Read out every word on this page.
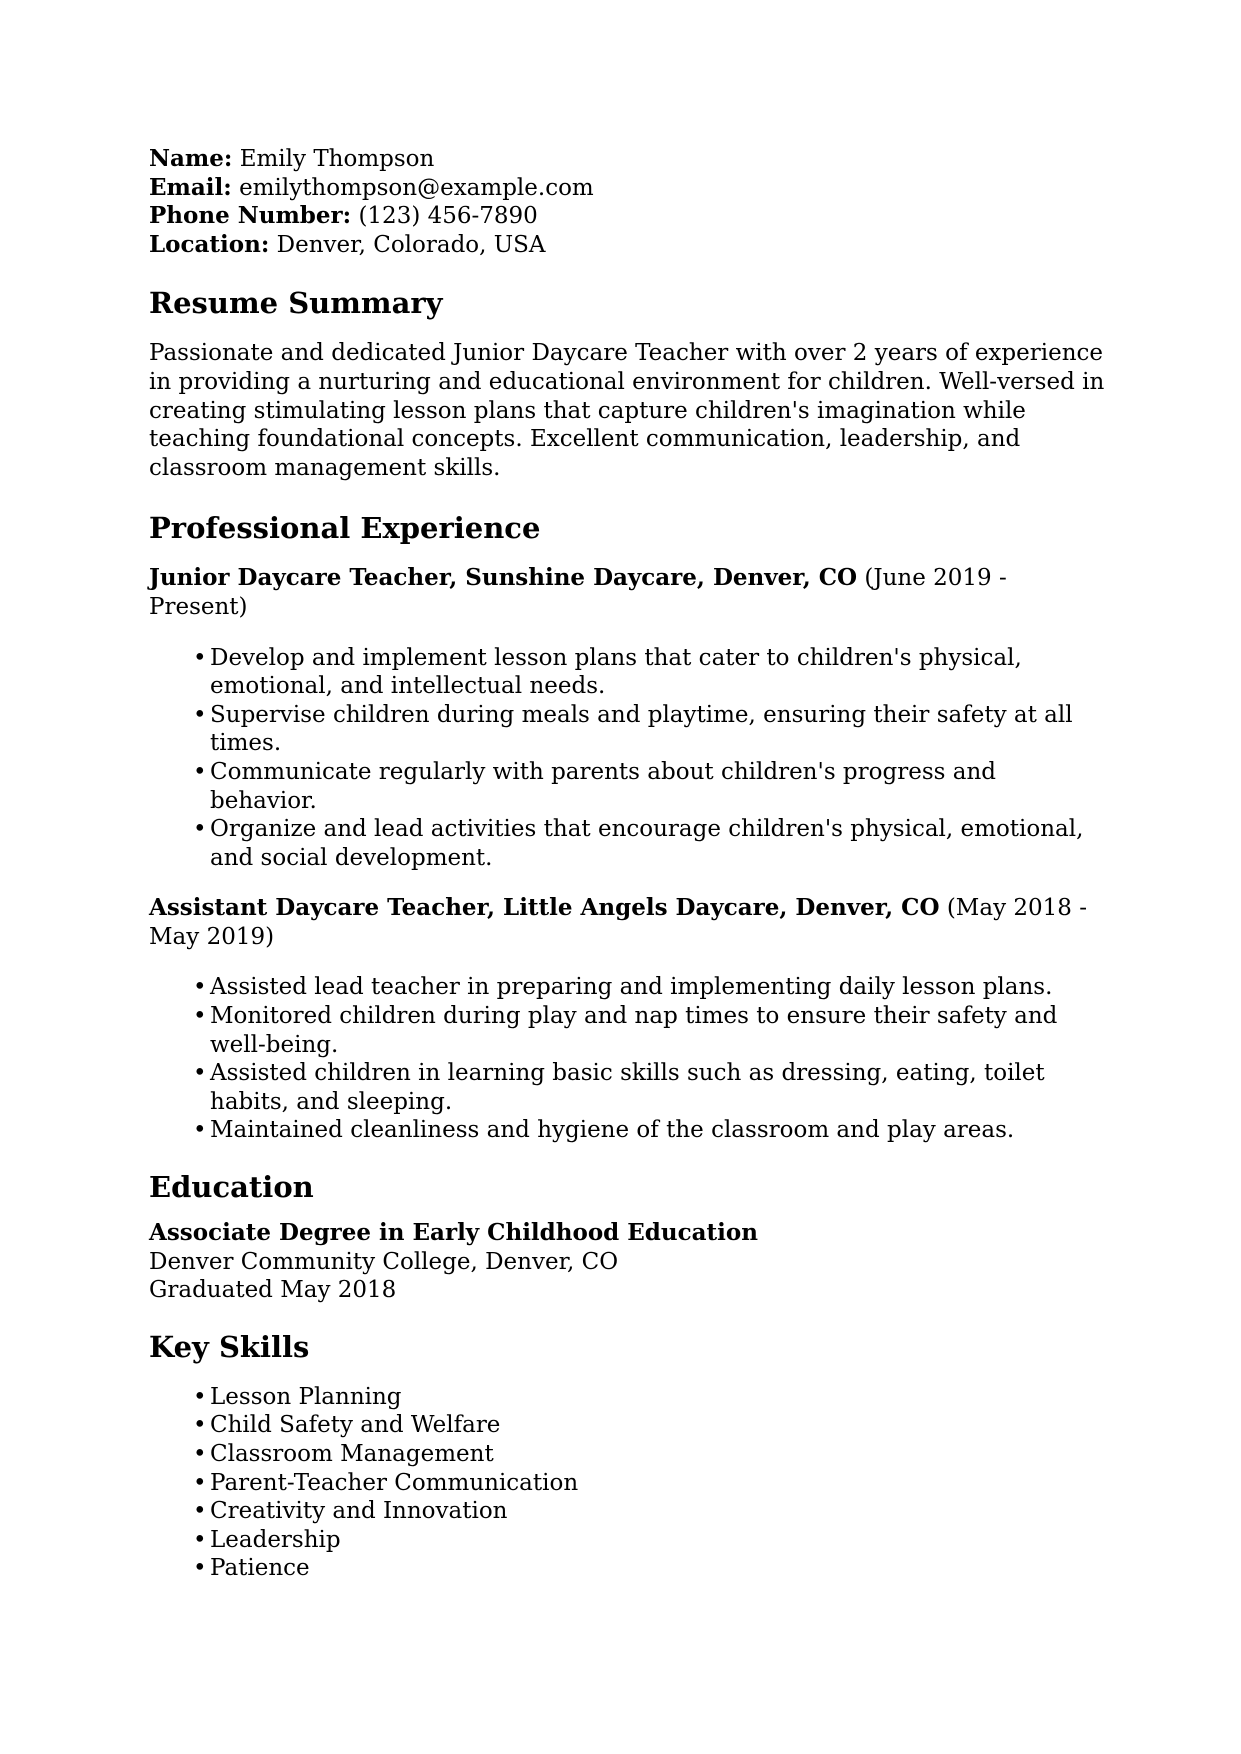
Name: Emily Thompson

Email: emilythompson@example.com

Phone Number: (123) 456-7890

Location: Denver, Colorado, USA

Resume Summary

Passionate and dedicated Junior Daycare Teacher with over 2 years of experience in providing a nurturing and educational environment for children. Well-versed in creating stimulating lesson plans that capture children's imagination while teaching foundational concepts. Excellent communication, leadership, and classroom management skills.

Professional Experience

Junior Daycare Teacher, Sunshine Daycare, Denver, CO (June 2019 - Present)

• Develop and implement lesson plans that cater to children's physical, emotional, and intellectual needs.
• Supervise children during meals and playtime, ensuring their safety at all times.
• Communicate regularly with parents about children's progress and behavior.
• Organize and lead activities that encourage children's physical, emotional, and social development.

Assistant Daycare Teacher, Little Angels Daycare, Denver, CO (May 2018 - May 2019)

• Assisted lead teacher in preparing and implementing daily lesson plans.
• Monitored children during play and nap times to ensure their safety and well-being.
• Assisted children in learning basic skills such as dressing, eating, toilet habits, and sleeping.
• Maintained cleanliness and hygiene of the classroom and play areas.
Education

Associate Degree in Early Childhood Education

Denver Community College, Denver, CO

Graduated May 2018

Key Skills
• Lesson Planning
• Child Safety and Welfare
• Classroom Management
• Parent-Teacher Communication
• Creativity and Innovation
• Leadership
• Patience
